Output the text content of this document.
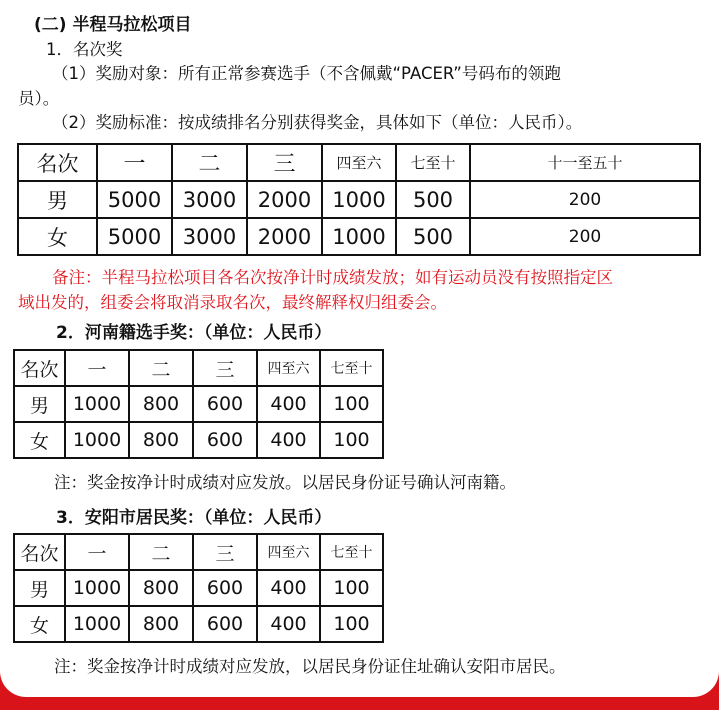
(二) 半程马拉松项目
1．名次奖
（1）奖励对象：所有正常参赛选手（不含佩戴“PACER”号码布的领跑
员）。
（2）奖励标准：按成绩排名分别获得奖金，具体如下（单位：人民币）。
名次	一	二	三	四至六	七至十	十一至五十
男	5000	3000	2000	1000	500	200
女	5000	3000	2000	1000	500	200
备注：半程马拉松项目各名次按净计时成绩发放；如有运动员没有按照指定区
域出发的，组委会将取消录取名次，最终解释权归组委会。
2．河南籍选手奖：（单位：人民币）
名次	一	二	三	四至六	七至十
男	1000	800	600	400	100
女	1000	800	600	400	100
注：奖金按净计时成绩对应发放。以居民身份证号确认河南籍。
3．安阳市居民奖：（单位：人民币）
名次	一	二	三	四至六	七至十
男	1000	800	600	400	100
女	1000	800	600	400	100
注：奖金按净计时成绩对应发放，以居民身份证住址确认安阳市居民。
